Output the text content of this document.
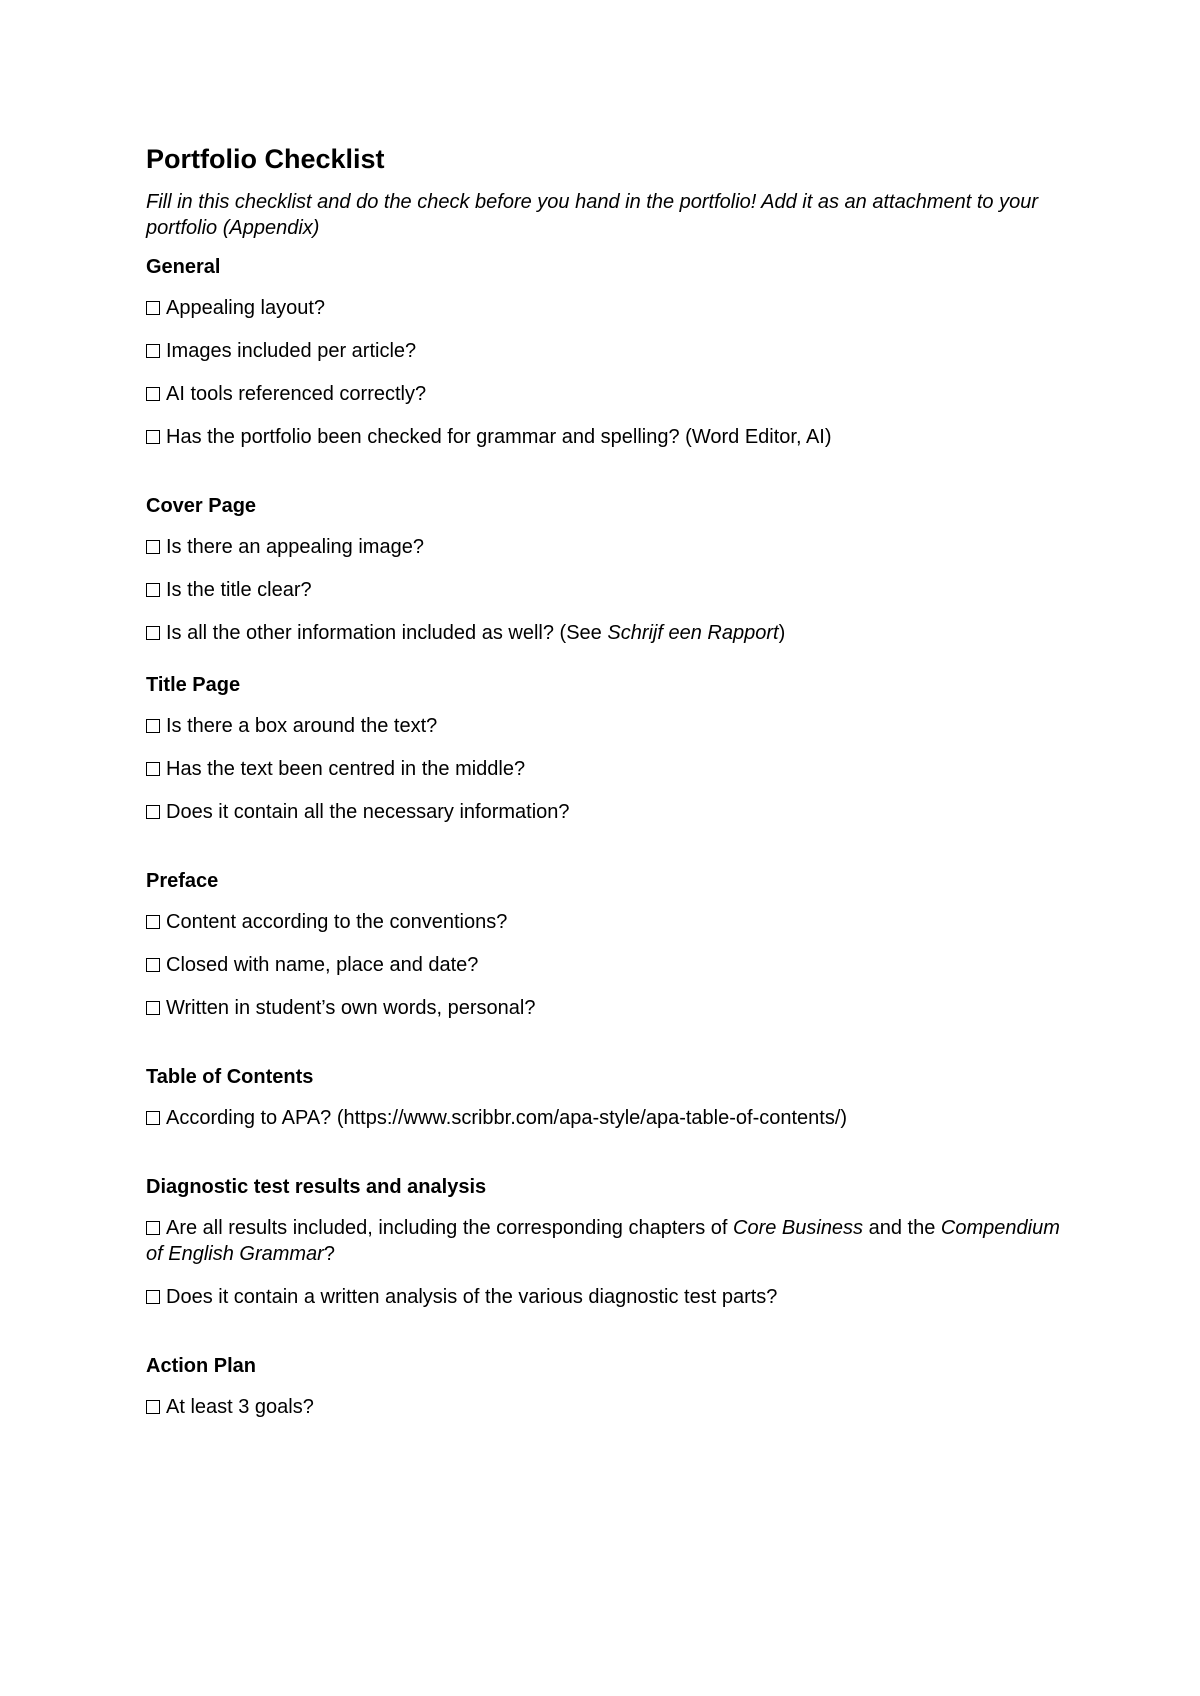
Portfolio Checklist

Fill in this checklist and do the check before you hand in the portfolio! Add it as an attachment to your portfolio (Appendix)

General
Appealing layout?
Images included per article?
AI tools referenced correctly?
Has the portfolio been checked for grammar and spelling? (Word Editor, AI)
Cover Page
Is there an appealing image?
Is the title clear?
Is all the other information included as well? (See Schrijf een Rapport)
Title Page
Is there a box around the text?
Has the text been centred in the middle?
Does it contain all the necessary information?
Preface
Content according to the conventions?
Closed with name, place and date?
Written in student’s own words, personal?
Table of Contents
According to APA? (https://www.scribbr.com/apa-style/apa-table-of-contents/)
Diagnostic test results and analysis
Are all results included, including the corresponding chapters of Core Business and the Compendium of English Grammar?
Does it contain a written analysis of the various diagnostic test parts?
Action Plan
At least 3 goals?
